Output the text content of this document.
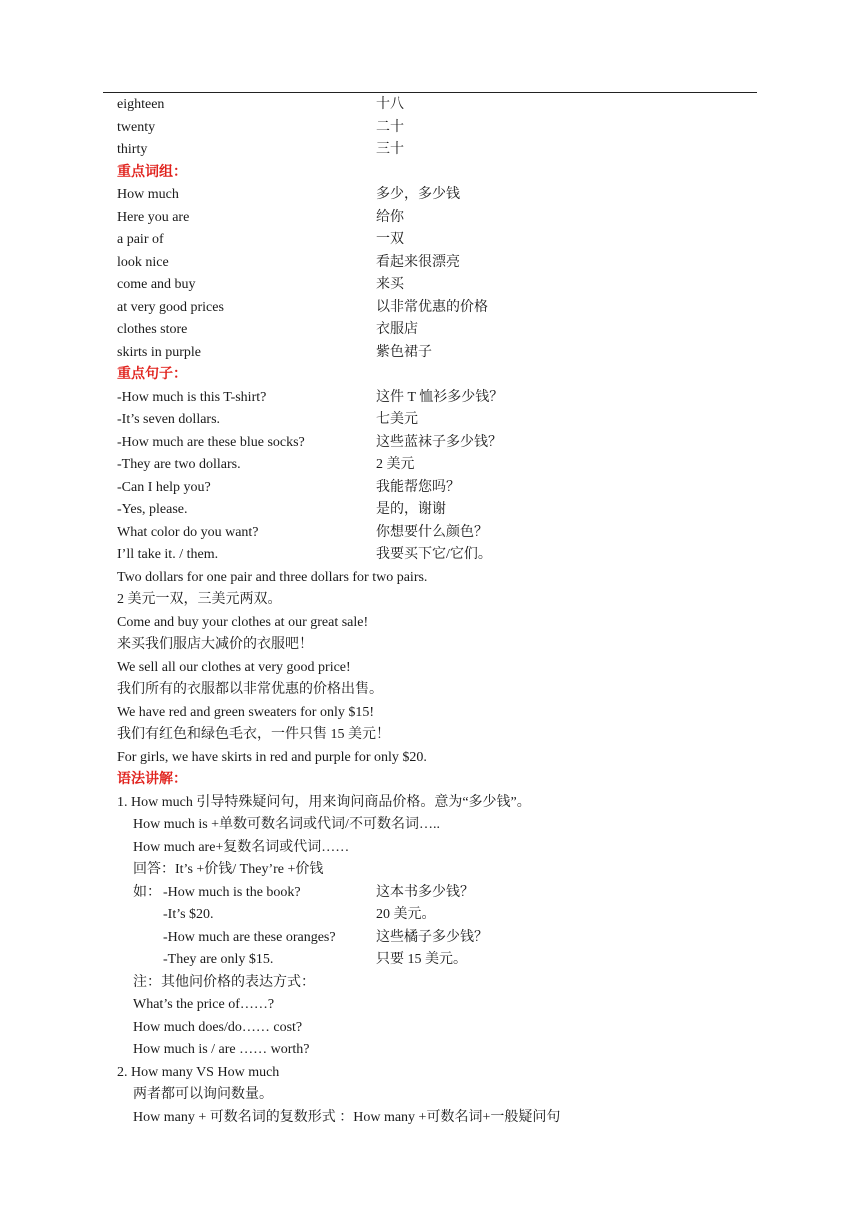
eighteen	十八
twenty	二十
thirty	三十
重点词组：
How much	多少，多少钱
Here you are	给你
a pair of	一双
look nice	看起来很漂亮
come and buy	来买
at very good prices	以非常优惠的价格
clothes store	衣服店
skirts in purple	紫色裙子
重点句子：
-How much is this T-shirt?	这件 T 恤衫多少钱？
-It’s seven dollars.	七美元
-How much are these blue socks?	这些蓝袜子多少钱？
-They are two dollars.	2 美元
-Can I help you?	我能帮您吗？
-Yes, please.	是的，谢谢
What color do you want?	你想要什么颜色？
I’ll take it. / them.	我要买下它/它们。
Two dollars for one pair and three dollars for two pairs.
2 美元一双，三美元两双。
Come and buy your clothes at our great sale!
来买我们服店大减价的衣服吧！
We sell all our clothes at very good price!
我们所有的衣服都以非常优惠的价格出售。
We have red and green sweaters for only $15!
我们有红色和绿色毛衣，一件只售 15 美元！
For girls, we have skirts in red and purple for only $20.
语法讲解：
1. How much 引导特殊疑问句，用来询问商品价格。意为“多少钱”。
How much is +单数可数名词或代词/不可数名词…..
How much are+复数名词或代词……
回答：It’s +价钱/ They’re +价钱
如： -How much is the book?	这本书多少钱？
-It’s $20.	20 美元。
-How much are these oranges?	这些橘子多少钱？
-They are only $15.	只要 15 美元。
注：其他问价格的表达方式：
What’s the price of……?
How much does/do…… cost?
How much is / are …… worth?
2. How many VS How much
两者都可以询问数量。
How many + 可数名词的复数形式 ：How many +可数名词+一般疑问句
